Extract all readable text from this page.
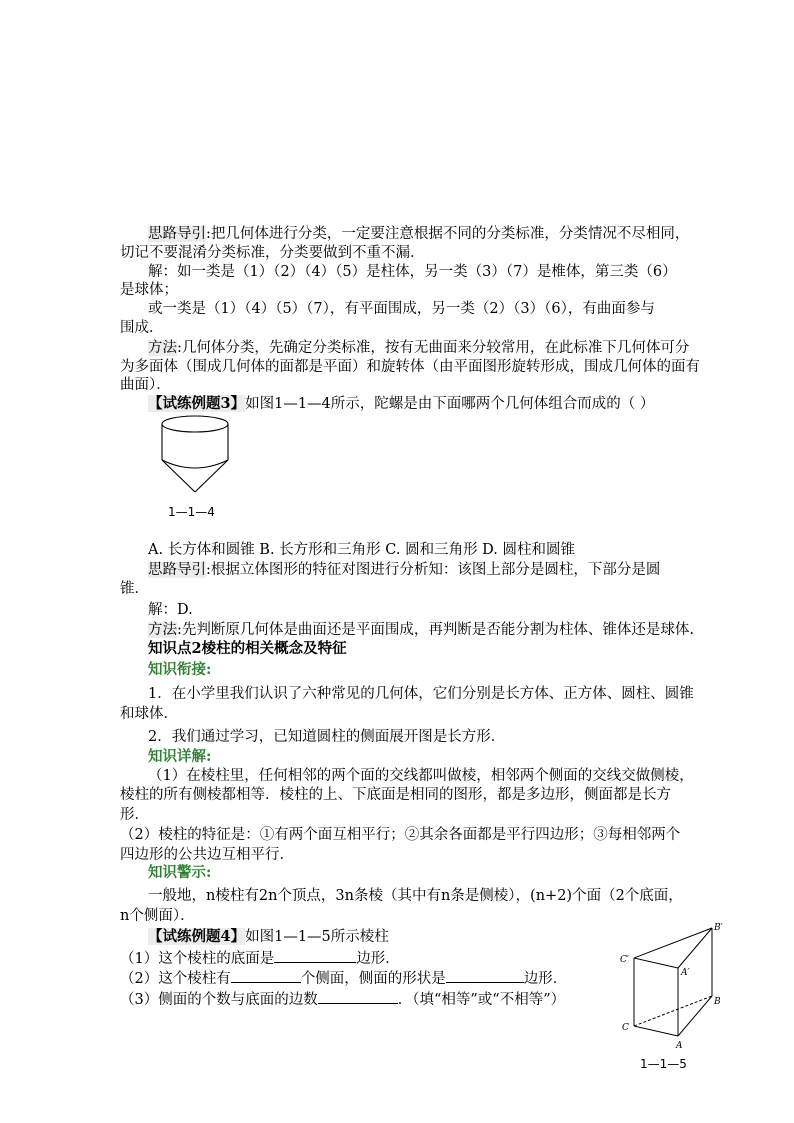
思路导引:把几何体进行分类，一定要注意根据不同的分类标准，分类情况不尽相同，
切记不要混淆分类标准，分类要做到不重不漏．
解：如一类是（1）（2）（4）（5）是柱体，另一类（3）（7）是椎体，第三类（6）
是球体；
或一类是（1）（4）（5）（7），有平面围成，另一类（2）（3）（6），有曲面参与
围成．
方法:几何体分类，先确定分类标准，按有无曲面来分较常用，在此标准下几何体可分
为多面体（围成几何体的面都是平面）和旋转体（由平面图形旋转形成，围成几何体的面有
曲面）．
【试练例题3】如图1—1—4所示，陀螺是由下面哪两个几何体组合而成的（ ）
1—1—4
A. 长方体和圆锥 B. 长方形和三角形 C. 圆和三角形 D. 圆柱和圆锥
思路导引:根据立体图形的特征对图进行分析知：该图上部分是圆柱，下部分是圆
锥．
解：D.
方法:先判断原几何体是曲面还是平面围成，再判断是否能分割为柱体、锥体还是球体.
知识点2棱柱的相关概念及特征
知识衔接:
1．在小学里我们认识了六种常见的几何体，它们分别是长方体、正方体、圆柱、圆锥
和球体．
2．我们通过学习，已知道圆柱的侧面展开图是长方形．
知识详解:
（1）在棱柱里，任何相邻的两个面的交线都叫做棱，相邻两个侧面的交线交做侧棱，
棱柱的所有侧棱都相等．棱柱的上、下底面是相同的图形，都是多边形，侧面都是长方
形．
（2）棱柱的特征是：①有两个面互相平行；②其余各面都是平行四边形；③每相邻两个
四边形的公共边互相平行．
知识警示:
一般地，n棱柱有2n个顶点，3n条棱（其中有n条是侧棱），(n+2)个面（2个底面，
n个侧面）．
【试练例题4】如图1—1—5所示棱柱
（1）这个棱柱的底面是	边形．
（2）这个棱柱有	个侧面，侧面的形状是	边形．
（3）侧面的个数与底面的边数	．（填“相等”或“不相等”）
B′
C′
A′
B
C
A
1—1—5
